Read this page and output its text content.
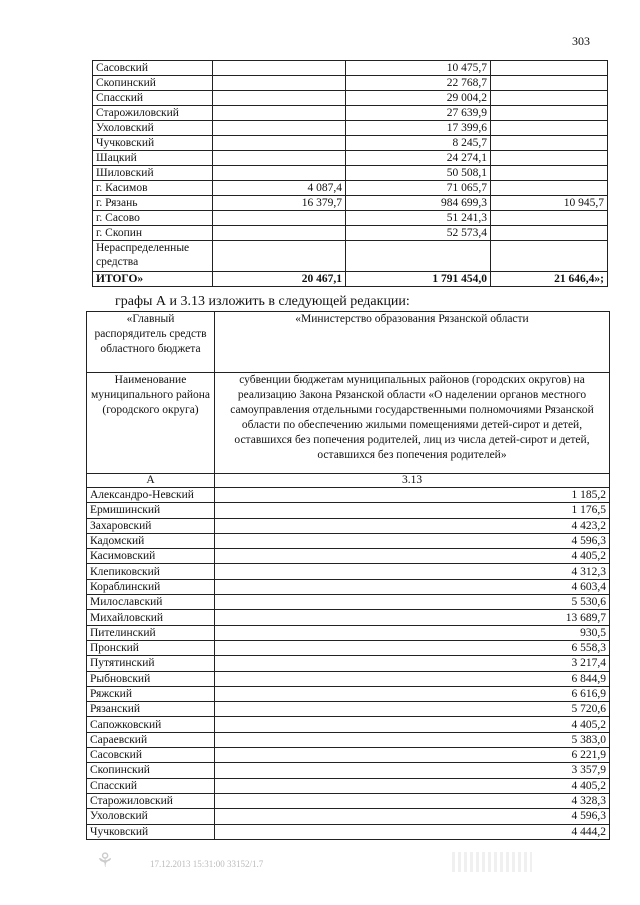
303
Сасовский		10 475,7	
Скопинский		22 768,7	
Спасский		29 004,2	
Старожиловский		27 639,9	
Ухоловский		17 399,6	
Чучковский		8 245,7	
Шацкий		24 274,1	
Шиловский		50 508,1	
г. Касимов	4 087,4	71 065,7	
г. Рязань	16 379,7	984 699,3	10 945,7
г. Сасово		51 241,3	
г. Скопин		52 573,4	
Нераспределенные средства			
ИТОГО»	20 467,1	1 791 454,0	21 646,4»;
графы А и 3.13 изложить в следующей редакции:
«Главный распорядитель средств областного бюджета	«Министерство образования Рязанской области
Наименование муниципального района (городского округа)	субвенции бюджетам муниципальных районов (городских округов) на реализацию Закона Рязанской области «О наделении органов местного самоуправления отдельными государственными полномочиями Рязанской области по обеспечению жилыми помещениями детей-сирот и детей, оставшихся без попечения родителей, лиц из числа детей-сирот и детей, оставшихся без попечения родителей»
А	3.13
Александро-Невский	1 185,2
Ермишинский	1 176,5
Захаровский	4 423,2
Кадомский	4 596,3
Касимовский	4 405,2
Клепиковский	4 312,3
Кораблинский	4 603,4
Милославский	5 530,6
Михайловский	13 689,7
Пителинский	930,5
Пронский	6 558,3
Путятинский	3 217,4
Рыбновский	6 844,9
Ряжский	6 616,9
Рязанский	5 720,6
Сапожковский	4 405,2
Сараевский	5 383,0
Сасовский	6 221,9
Скопинский	3 357,9
Спасский	4 405,2
Старожиловский	4 328,3
Ухоловский	4 596,3
Чучковский	4 444,2
⚘	17.12.2013 15:31:00 33152/1.7
